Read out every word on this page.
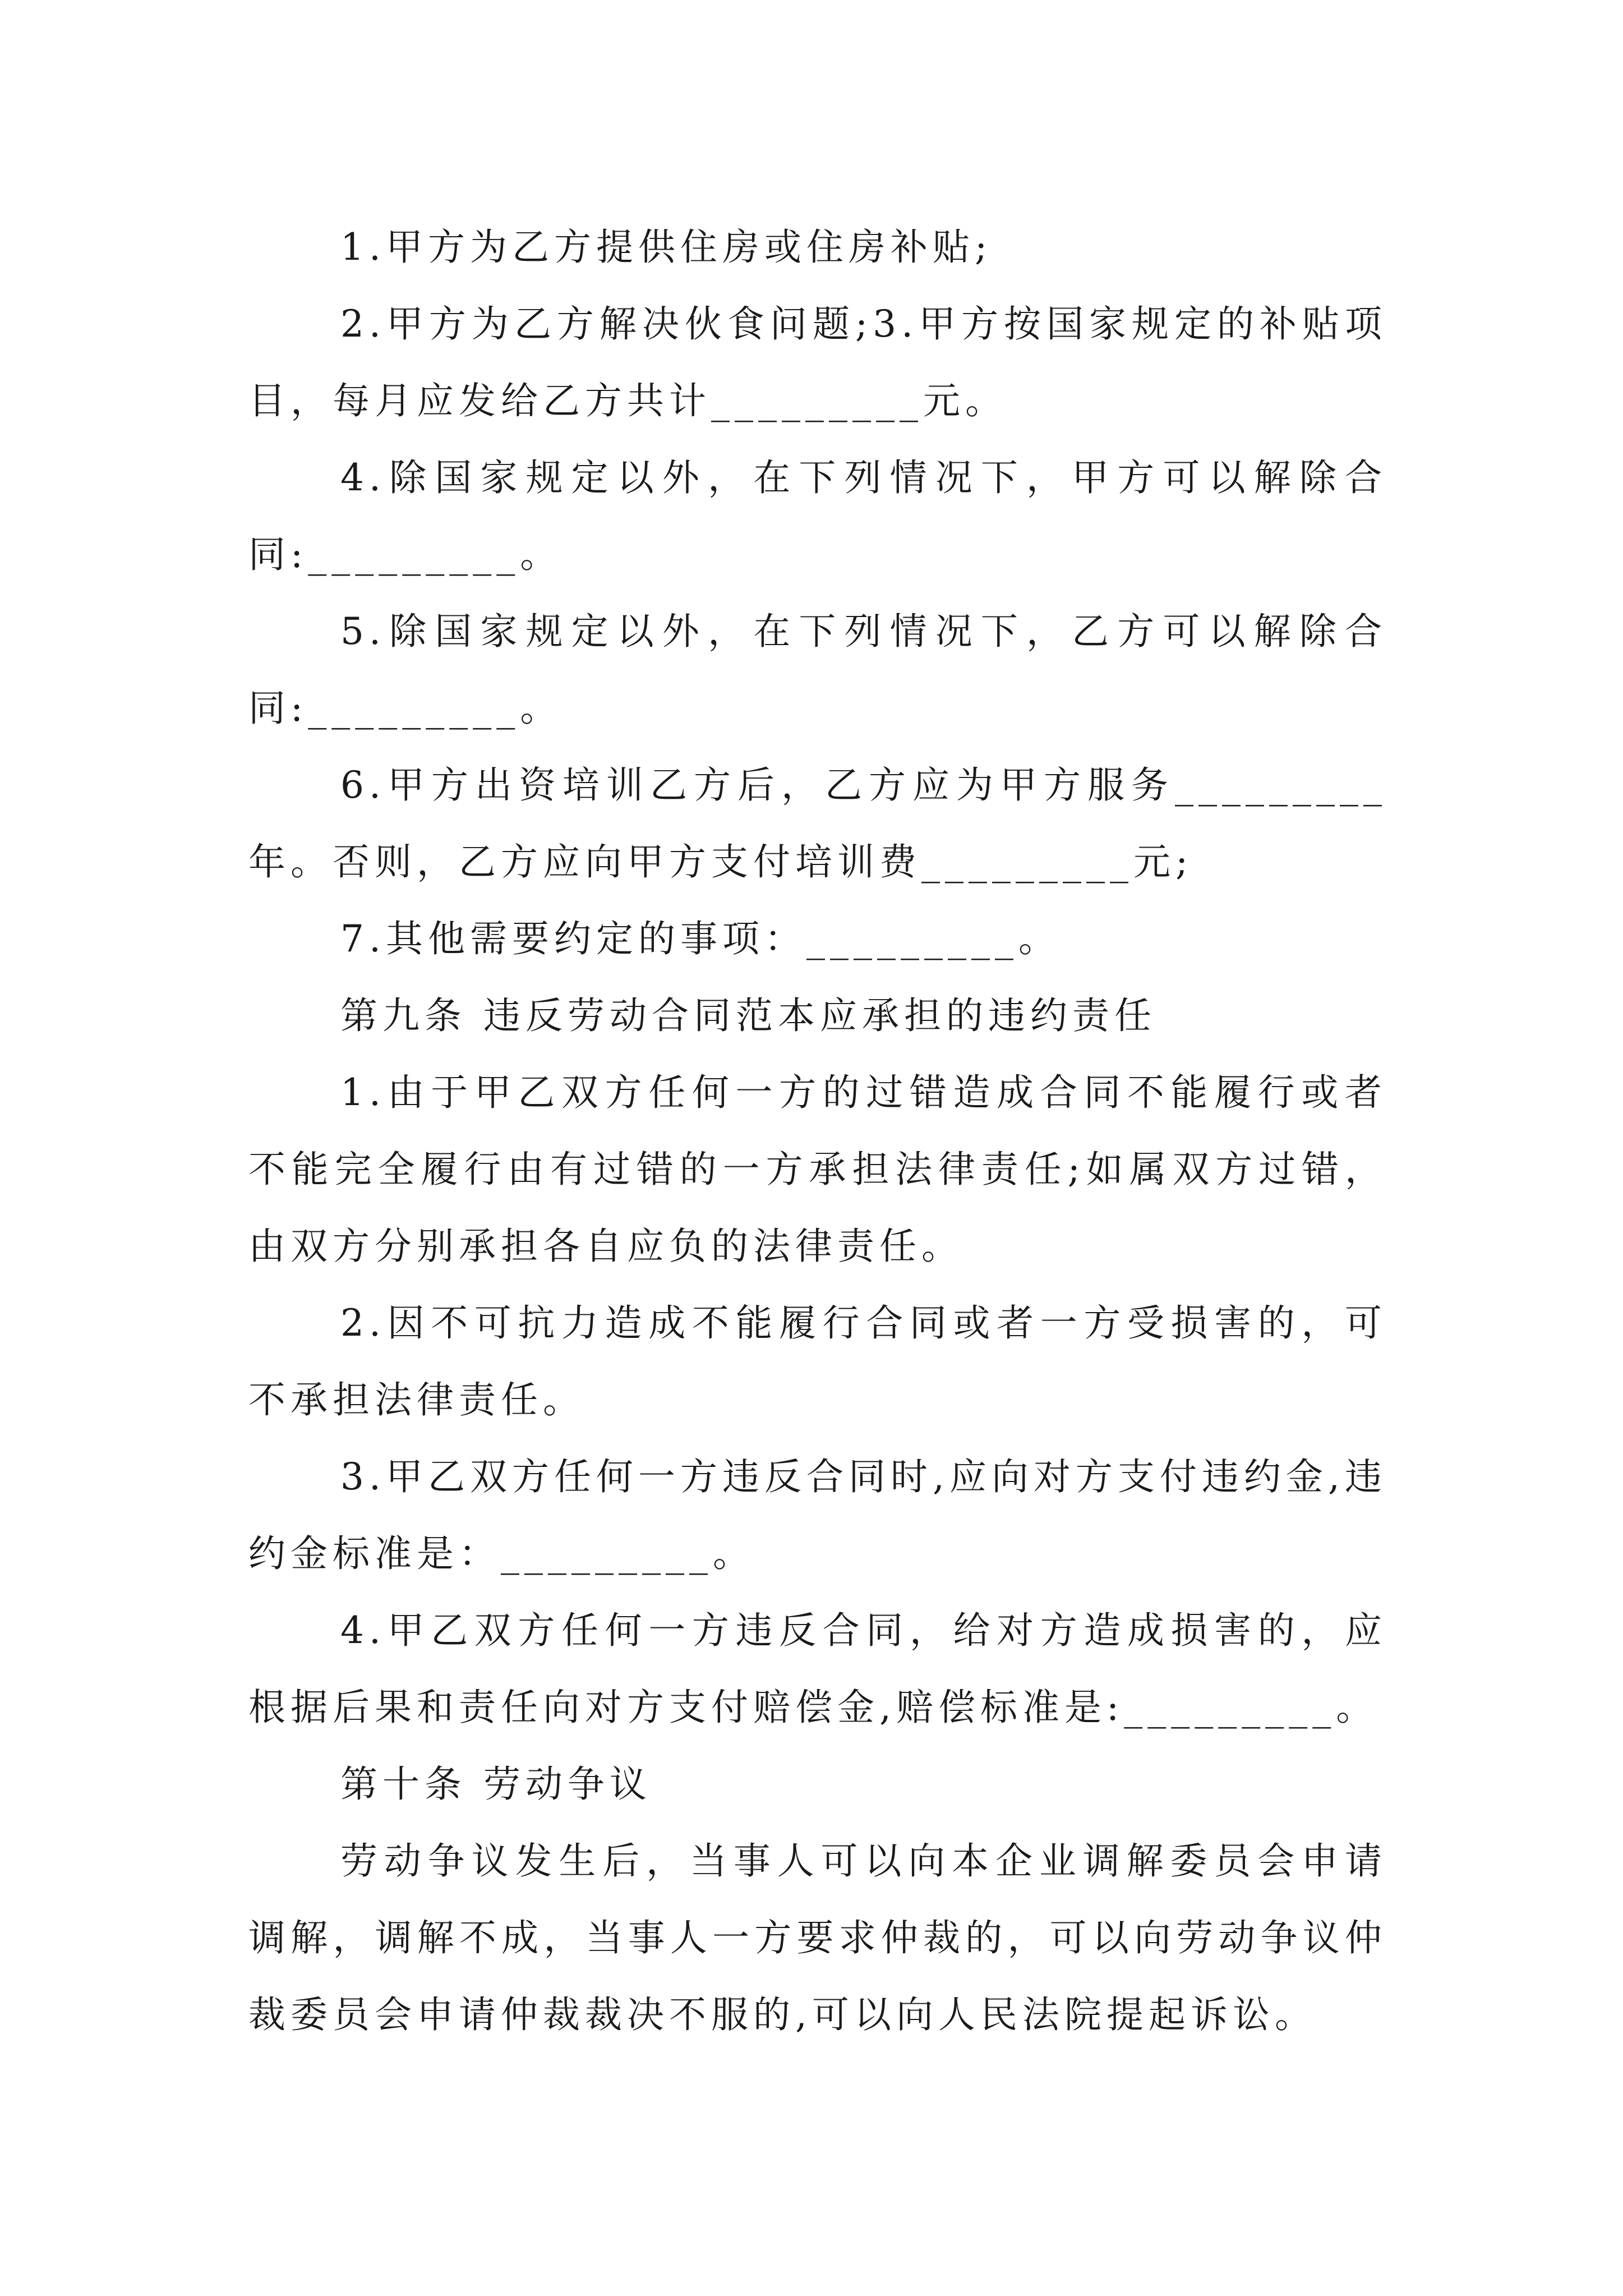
1.甲方为乙方提供住房或住房补贴;

2.甲方为乙方解决伙食问题;3.甲方按国家规定的补贴项目，每月应发给乙方共计_________元。

4.除国家规定以外，在下列情况下，甲方可以解除合同:_________。

5.除国家规定以外，在下列情况下，乙方可以解除合同:_________。

6.甲方出资培训乙方后，乙方应为甲方服务_________年。否则，乙方应向甲方支付培训费_________元;

7.其他需要约定的事项：_________。

第九条 违反劳动合同范本应承担的违约责任

1.由于甲乙双方任何一方的过错造成合同不能履行或者不能完全履行由有过错的一方承担法律责任;如属双方过错，由双方分别承担各自应负的法律责任。

2.因不可抗力造成不能履行合同或者一方受损害的，可不承担法律责任。

3.甲乙双方任何一方违反合同时,应向对方支付违约金,违约金标准是：_________。

4.甲乙双方任何一方违反合同，给对方造成损害的，应根据后果和责任向对方支付赔偿金,赔偿标准是:_________。

第十条 劳动争议

劳动争议发生后，当事人可以向本企业调解委员会申请调解，调解不成，当事人一方要求仲裁的，可以向劳动争议仲裁委员会申请仲裁裁决不服的,可以向人民法院提起诉讼。
